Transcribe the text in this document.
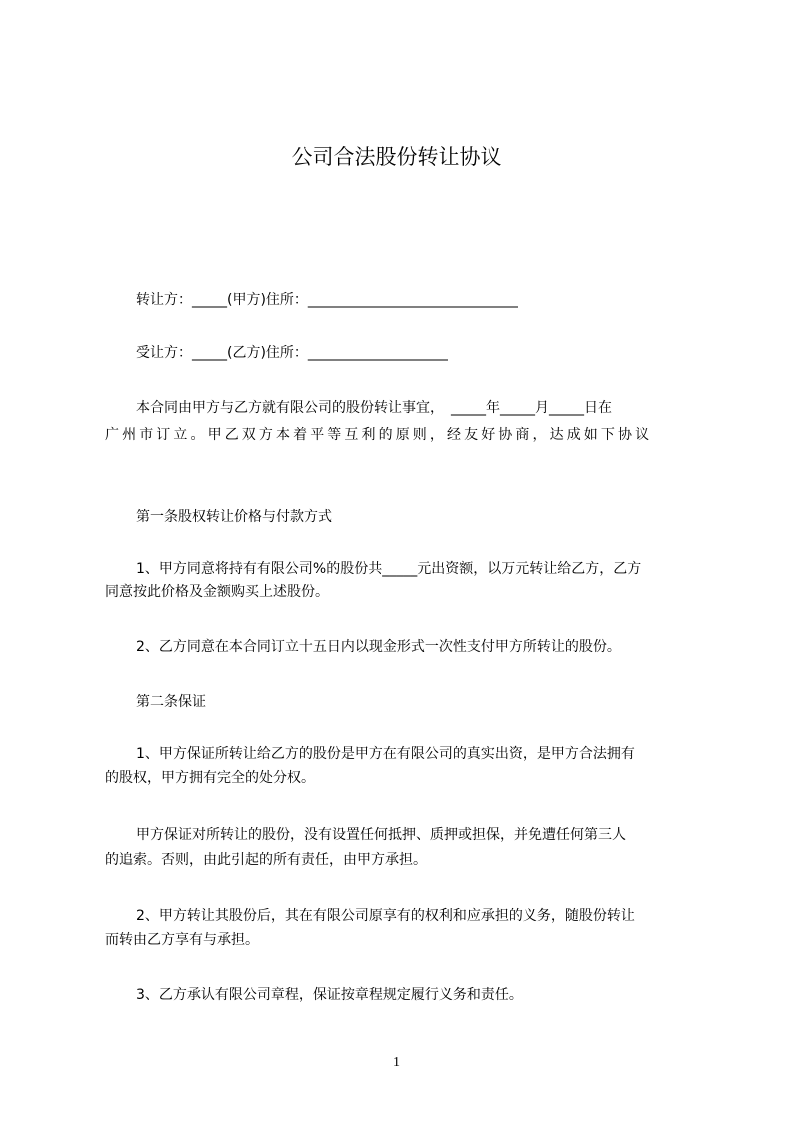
公司合法股份转让协议
转让方：_____(甲方)住所：______________________________
受让方：_____(乙方)住所：____________________
本合同由甲方与乙方就有限公司的股份转让事宜，　_____年_____月_____日在
广州市订立。甲乙双方本着平等互利的原则，经友好协商，达成如下协议
第一条股权转让价格与付款方式
1、甲方同意将持有有限公司%的股份共_____元出资额，以万元转让给乙方，乙方
同意按此价格及金额购买上述股份。
2、乙方同意在本合同订立十五日内以现金形式一次性支付甲方所转让的股份。
第二条保证
1、甲方保证所转让给乙方的股份是甲方在有限公司的真实出资，是甲方合法拥有
的股权，甲方拥有完全的处分权。
甲方保证对所转让的股份，没有设置任何抵押、质押或担保，并免遭任何第三人
的追索。否则，由此引起的所有责任，由甲方承担。
2、甲方转让其股份后，其在有限公司原享有的权利和应承担的义务，随股份转让
而转由乙方享有与承担。
3、乙方承认有限公司章程，保证按章程规定履行义务和责任。
1
